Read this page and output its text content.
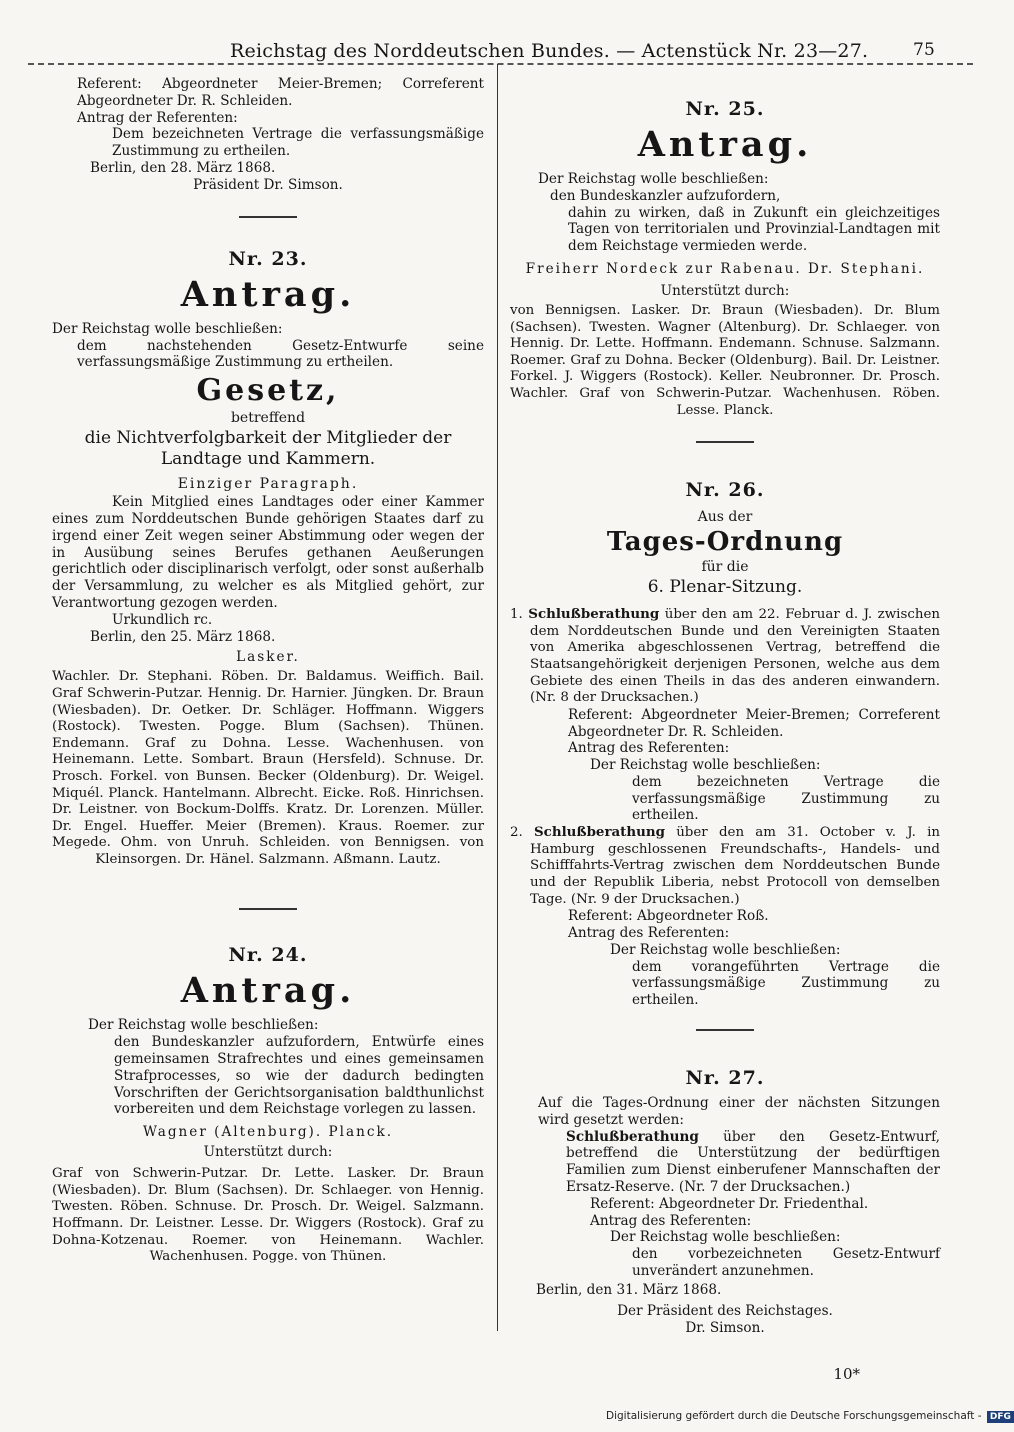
Reichstag des Norddeutschen Bundes. — Actenstück Nr. 23—27.	75

Referent: Abgeordneter Meier-Bremen; Correferent Abgeordneter Dr. R. Schleiden.

Antrag der Referenten:

Dem bezeichneten Vertrage die verfassungsmäßige Zustimmung zu ertheilen.

Berlin, den 28. März 1868.

Präsident Dr. Simson.

Nr. 23.
Antrag.

Der Reichstag wolle beschließen:

dem nachstehenden Gesetz-Entwurfe seine verfassungsmäßige Zustimmung zu ertheilen.

Gesetz,
betreffend
die Nichtverfolgbarkeit der Mitglieder der Landtage und Kammern.
Einziger Paragraph.

Kein Mitglied eines Landtages oder einer Kammer eines zum Norddeutschen Bunde gehörigen Staates darf zu irgend einer Zeit wegen seiner Abstimmung oder wegen der in Ausübung seines Berufes gethanen Aeußerungen gerichtlich oder disciplinarisch verfolgt, oder sonst außerhalb der Versammlung, zu welcher es als Mitglied gehört, zur Verantwortung gezogen werden.

Urkundlich rc.

Berlin, den 25. März 1868.

Lasker.

Wachler. Dr. Stephani. Röben. Dr. Baldamus. Weiffich. Bail. Graf Schwerin-Putzar. Hennig. Dr. Harnier. Jüngken. Dr. Braun (Wiesbaden). Dr. Oetker. Dr. Schläger. Hoffmann. Wiggers (Rostock). Twesten. Pogge. Blum (Sachsen). Thünen. Endemann. Graf zu Dohna. Lesse. Wachenhusen. von Heinemann. Lette. Sombart. Braun (Hersfeld). Schnuse. Dr. Prosch. Forkel. von Bunsen. Becker (Oldenburg). Dr. Weigel. Miquél. Planck. Hantelmann. Albrecht. Eicke. Roß. Hinrichsen. Dr. Leistner. von Bockum-Dolffs. Kratz. Dr. Lorenzen. Müller. Dr. Engel. Hueffer. Meier (Bremen). Kraus. Roemer. zur Megede. Ohm. von Unruh. Schleiden. von Bennigsen. von Kleinsorgen. Dr. Hänel. Salzmann. Aßmann. Lautz.

Nr. 24.
Antrag.

Der Reichstag wolle beschließen:

den Bundeskanzler aufzufordern, Entwürfe eines gemeinsamen Strafrechtes und eines gemeinsamen Strafprocesses, so wie der dadurch bedingten Vorschriften der Gerichtsorganisation baldthunlichst vorbereiten und dem Reichstage vorlegen zu lassen.

Wagner (Altenburg). Planck.

Unterstützt durch:

Graf von Schwerin-Putzar. Dr. Lette. Lasker. Dr. Braun (Wiesbaden). Dr. Blum (Sachsen). Dr. Schlaeger. von Hennig. Twesten. Röben. Schnuse. Dr. Prosch. Dr. Weigel. Salzmann. Hoffmann. Dr. Leistner. Lesse. Dr. Wiggers (Rostock). Graf zu Dohna-Kotzenau. Roemer. von Heinemann. Wachler. Wachenhusen. Pogge. von Thünen.

Nr. 25.
Antrag.

Der Reichstag wolle beschließen:

den Bundeskanzler aufzufordern,

dahin zu wirken, daß in Zukunft ein gleichzeitiges Tagen von territorialen und Provinzial-Landtagen mit dem Reichstage vermieden werde.

Freiherr Nordeck zur Rabenau. Dr. Stephani.

Unterstützt durch:

von Bennigsen. Lasker. Dr. Braun (Wiesbaden). Dr. Blum (Sachsen). Twesten. Wagner (Altenburg). Dr. Schlaeger. von Hennig. Dr. Lette. Hoffmann. Endemann. Schnuse. Salzmann. Roemer. Graf zu Dohna. Becker (Oldenburg). Bail. Dr. Leistner. Forkel. J. Wiggers (Rostock). Keller. Neubronner. Dr. Prosch. Wachler. Graf von Schwerin-Putzar. Wachenhusen. Röben. Lesse. Planck.

Nr. 26.
Aus der
Tages-Ordnung
für die
6. Plenar-Sitzung.

1. Schlußberathung über den am 22. Februar d. J. zwischen dem Norddeutschen Bunde und den Vereinigten Staaten von Amerika abgeschlossenen Vertrag, betreffend die Staatsangehörigkeit derjenigen Personen, welche aus dem Gebiete des einen Theils in das des anderen einwandern. (Nr. 8 der Drucksachen.)

Referent: Abgeordneter Meier-Bremen; Correferent Abgeordneter Dr. R. Schleiden.

Antrag des Referenten:

Der Reichstag wolle beschließen:

dem bezeichneten Vertrage die verfassungsmäßige Zustimmung zu ertheilen.

2. Schlußberathung über den am 31. October v. J. in Hamburg geschlossenen Freundschafts-, Handels- und Schifffahrts-Vertrag zwischen dem Norddeutschen Bunde und der Republik Liberia, nebst Protocoll von demselben Tage. (Nr. 9 der Drucksachen.)

Referent: Abgeordneter Roß.

Antrag des Referenten:

Der Reichstag wolle beschließen:

dem vorangeführten Vertrage die verfassungsmäßige Zustimmung zu ertheilen.

Nr. 27.

Auf die Tages-Ordnung einer der nächsten Sitzungen wird gesetzt werden:

Schlußberathung über den Gesetz-Entwurf, betreffend die Unterstützung der bedürftigen Familien zum Dienst einberufener Mannschaften der Ersatz-Reserve. (Nr. 7 der Drucksachen.)

Referent: Abgeordneter Dr. Friedenthal.

Antrag des Referenten:

Der Reichstag wolle beschließen:

den vorbezeichneten Gesetz-Entwurf unverändert anzunehmen.

Berlin, den 31. März 1868.

Der Präsident des Reichstages.

Dr. Simson.

10*
Digitalisierung gefördert durch die Deutsche Forschungsgemeinschaft - DFG
